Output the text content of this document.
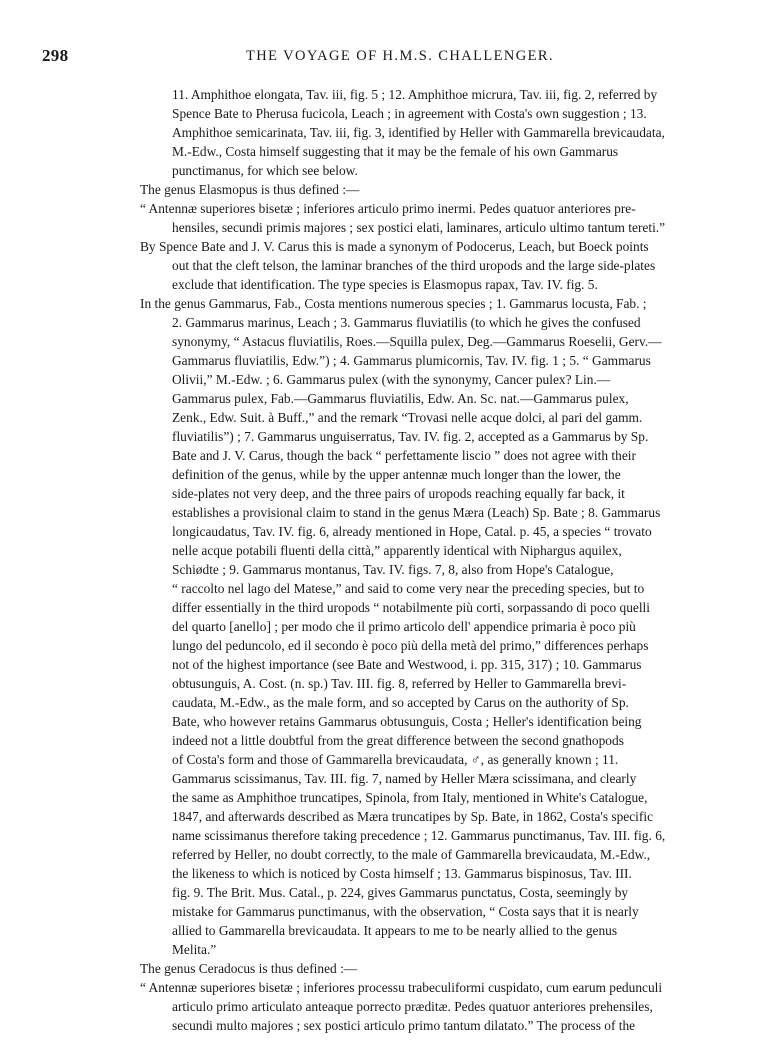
298	THE VOYAGE OF H.M.S. CHALLENGER.
11. Amphithoe elongata, Tav. iii, fig. 5 ; 12. Amphithoe micrura, Tav. iii, fig. 2, referred by
Spence Bate to Pherusa fucicola, Leach ; in agreement with Costa's own suggestion ; 13.
Amphithoe semicarinata, Tav. iii, fig. 3, identified by Heller with Gammarella brevicaudata,
M.-Edw., Costa himself suggesting that it may be the female of his own Gammarus
punctimanus, for which see below.
The genus Elasmopus is thus defined :—
“ Antennæ superiores bisetæ ; inferiores articulo primo inermi. Pedes quatuor anteriores pre-
hensiles, secundi primis majores ; sex postici elati, laminares, articulo ultimo tantum tereti.”
By Spence Bate and J. V. Carus this is made a synonym of Podocerus, Leach, but Boeck points
out that the cleft telson, the laminar branches of the third uropods and the large side-plates
exclude that identification. The type species is Elasmopus rapax, Tav. IV. fig. 5.
In the genus Gammarus, Fab., Costa mentions numerous species ; 1. Gammarus locusta, Fab. ;
2. Gammarus marinus, Leach ; 3. Gammarus fluviatilis (to which he gives the confused
synonymy, “ Astacus fluviatilis, Roes.—Squilla pulex, Deg.—Gammarus Roeselii, Gerv.—
Gammarus fluviatilis, Edw.”) ; 4. Gammarus plumicornis, Tav. IV. fig. 1 ; 5. “ Gammarus
Olivii,” M.-Edw. ; 6. Gammarus pulex (with the synonymy, Cancer pulex? Lin.—
Gammarus pulex, Fab.—Gammarus fluviatilis, Edw. An. Sc. nat.—Gammarus pulex,
Zenk., Edw. Suit. à Buff.,” and the remark “Trovasi nelle acque dolci, al pari del gamm.
fluviatilis”) ; 7. Gammarus unguiserratus, Tav. IV. fig. 2, accepted as a Gammarus by Sp.
Bate and J. V. Carus, though the back “ perfettamente liscio ” does not agree with their
definition of the genus, while by the upper antennæ much longer than the lower, the
side-plates not very deep, and the three pairs of uropods reaching equally far back, it
establishes a provisional claim to stand in the genus Mæra (Leach) Sp. Bate ; 8. Gammarus
longicaudatus, Tav. IV. fig. 6, already mentioned in Hope, Catal. p. 45, a species “ trovato
nelle acque potabili fluenti della città,” apparently identical with Niphargus aquilex,
Schiødte ; 9. Gammarus montanus, Tav. IV. figs. 7, 8, also from Hope's Catalogue,
“ raccolto nel lago del Matese,” and said to come very near the preceding species, but to
differ essentially in the third uropods “ notabilmente più corti, sorpassando di poco quelli
del quarto [anello] ; per modo che il primo articolo dell' appendice primaria è poco più
lungo del peduncolo, ed il secondo è poco più della metà del primo,” differences perhaps
not of the highest importance (see Bate and Westwood, i. pp. 315, 317) ; 10. Gammarus
obtusunguis, A. Cost. (n. sp.) Tav. III. fig. 8, referred by Heller to Gammarella brevi-
caudata, M.-Edw., as the male form, and so accepted by Carus on the authority of Sp.
Bate, who however retains Gammarus obtusunguis, Costa ; Heller's identification being
indeed not a little doubtful from the great difference between the second gnathopods
of Costa's form and those of Gammarella brevicaudata, ♂, as generally known ; 11.
Gammarus scissimanus, Tav. III. fig. 7, named by Heller Mæra scissimana, and clearly
the same as Amphithoe truncatipes, Spinola, from Italy, mentioned in White's Catalogue,
1847, and afterwards described as Mæra truncatipes by Sp. Bate, in 1862, Costa's specific
name scissimanus therefore taking precedence ; 12. Gammarus punctimanus, Tav. III. fig. 6,
referred by Heller, no doubt correctly, to the male of Gammarella brevicaudata, M.-Edw.,
the likeness to which is noticed by Costa himself ; 13. Gammarus bispinosus, Tav. III.
fig. 9. The Brit. Mus. Catal., p. 224, gives Gammarus punctatus, Costa, seemingly by
mistake for Gammarus punctimanus, with the observation, “ Costa says that it is nearly
allied to Gammarella brevicaudata. It appears to me to be nearly allied to the genus
Melita.”
The genus Ceradocus is thus defined :—
“ Antennæ superiores bisetæ ; inferiores processu trabeculiformi cuspidato, cum earum pedunculi
articulo primo articulato anteaque porrecto præditæ. Pedes quatuor anteriores prehensiles,
secundi multo majores ; sex postici articulo primo tantum dilatato.” The process of the
